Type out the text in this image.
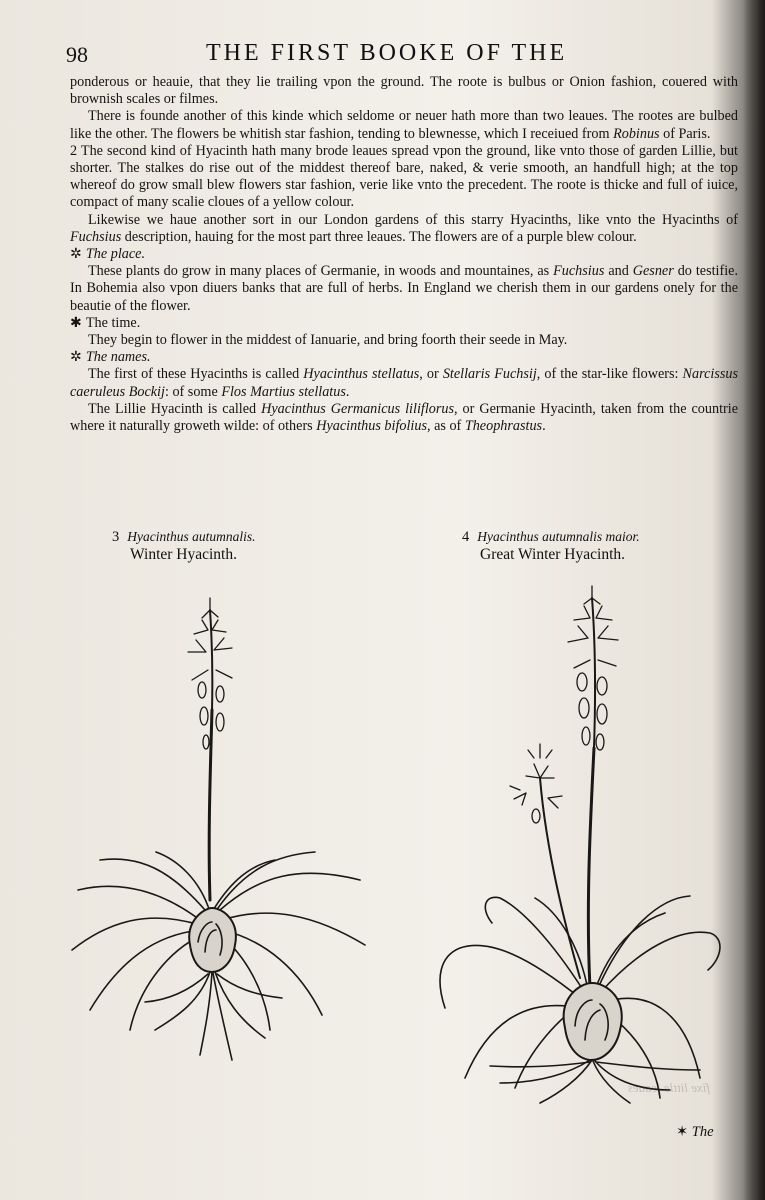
98	THE FIRST BOOKE OF THE

ponderous or heauie, that they lie trailing vpon the ground. The roote is bulbus or Onion fashion, couered with brownish scales or filmes.

There is founde another of this kinde which seldome or neuer hath more than two leaues. The rootes are bulbed like the other. The flowers be whitish star fashion, tending to blewnesse, which I receiued from Robinus of Paris.

2 The second kind of Hyacinth hath many brode leaues spread vpon the ground, like vnto those of garden Lillie, but shorter. The stalkes do rise out of the middest thereof bare, naked, & verie smooth, an handfull high; at the top whereof do grow small blew flowers star fashion, verie like vnto the precedent. The roote is thicke and full of iuice, compact of many scalie cloues of a yellow colour.

Likewise we haue another sort in our London gardens of this starry Hyacinths, like vnto the Hyacinths of Fuchsius description, hauing for the most part three leaues. The flowers are of a purple blew colour.

✲ The place.

These plants do grow in many places of Germanie, in woods and mountaines, as Fuchsius and Gesner do testifie. In Bohemia also vpon diuers banks that are full of herbs. In England we cherish them in our gardens onely for the beautie of the flower.

✱ The time.

They begin to flower in the middest of Ianuarie, and bring foorth their seede in May.

✲ The names.

The first of these Hyacinths is called Hyacinthus stellatus, or Stellaris Fuchsij, of the star-like flowers: Narcissus caeruleus Bockij: of some Flos Martius stellatus.

The Lillie Hyacinth is called Hyacinthus Germanicus liliflorus, or Germanie Hyacinth, taken from the countrie where it naturally groweth wilde: of others Hyacinthus bifolius, as of Theophrastus.

3 Hyacinthus autumnalis.
Winter Hyacinth.
4 Hyacinthus autumnalis maior.
Great Winter Hyacinth.
fixe little leaues
✶ The
